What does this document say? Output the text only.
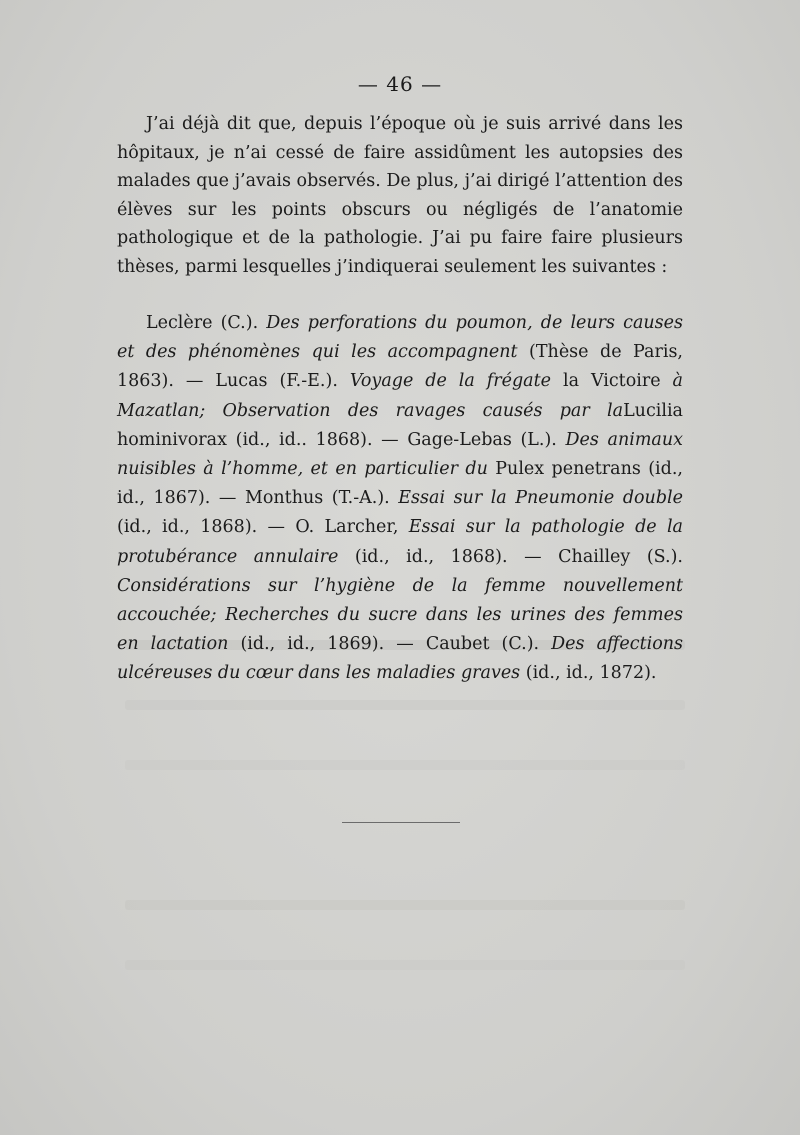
— 46 —

J’ai déjà dit que, depuis l’époque où je suis arrivé dans les hôpitaux, je n’ai cessé de faire assidûment les autopsies des malades que j’avais observés. De plus, j’ai dirigé l’attention des élèves sur les points obscurs ou négligés de l’anatomie pathologique et de la pathologie. J’ai pu faire faire plusieurs thèses, parmi lesquelles j’indiquerai seulement les suivantes :

Leclère (C.). Des perforations du poumon, de leurs causes et des phénomènes qui les accompagnent (Thèse de Paris, 1863). — Lucas (F.-E.). Voyage de la frégate la Victoire à Mazatlan; Observation des ravages causés par laLucilia hominivorax (id., id.. 1868). — Gage-Lebas (L.). Des animaux nuisibles à l’homme, et en particulier du Pulex penetrans (id., id., 1867). — Monthus (T.-A.). Essai sur la Pneumonie double (id., id., 1868). — O. Larcher, Essai sur la pathologie de la protubérance annulaire (id., id., 1868). — Chailley (S.). Considérations sur l’hygiène de la femme nouvellement accouchée; Recherches du sucre dans les urines des femmes en lactation (id., id., 1869). — Caubet (C.). Des affections ulcéreuses du cœur dans les maladies graves (id., id., 1872).
